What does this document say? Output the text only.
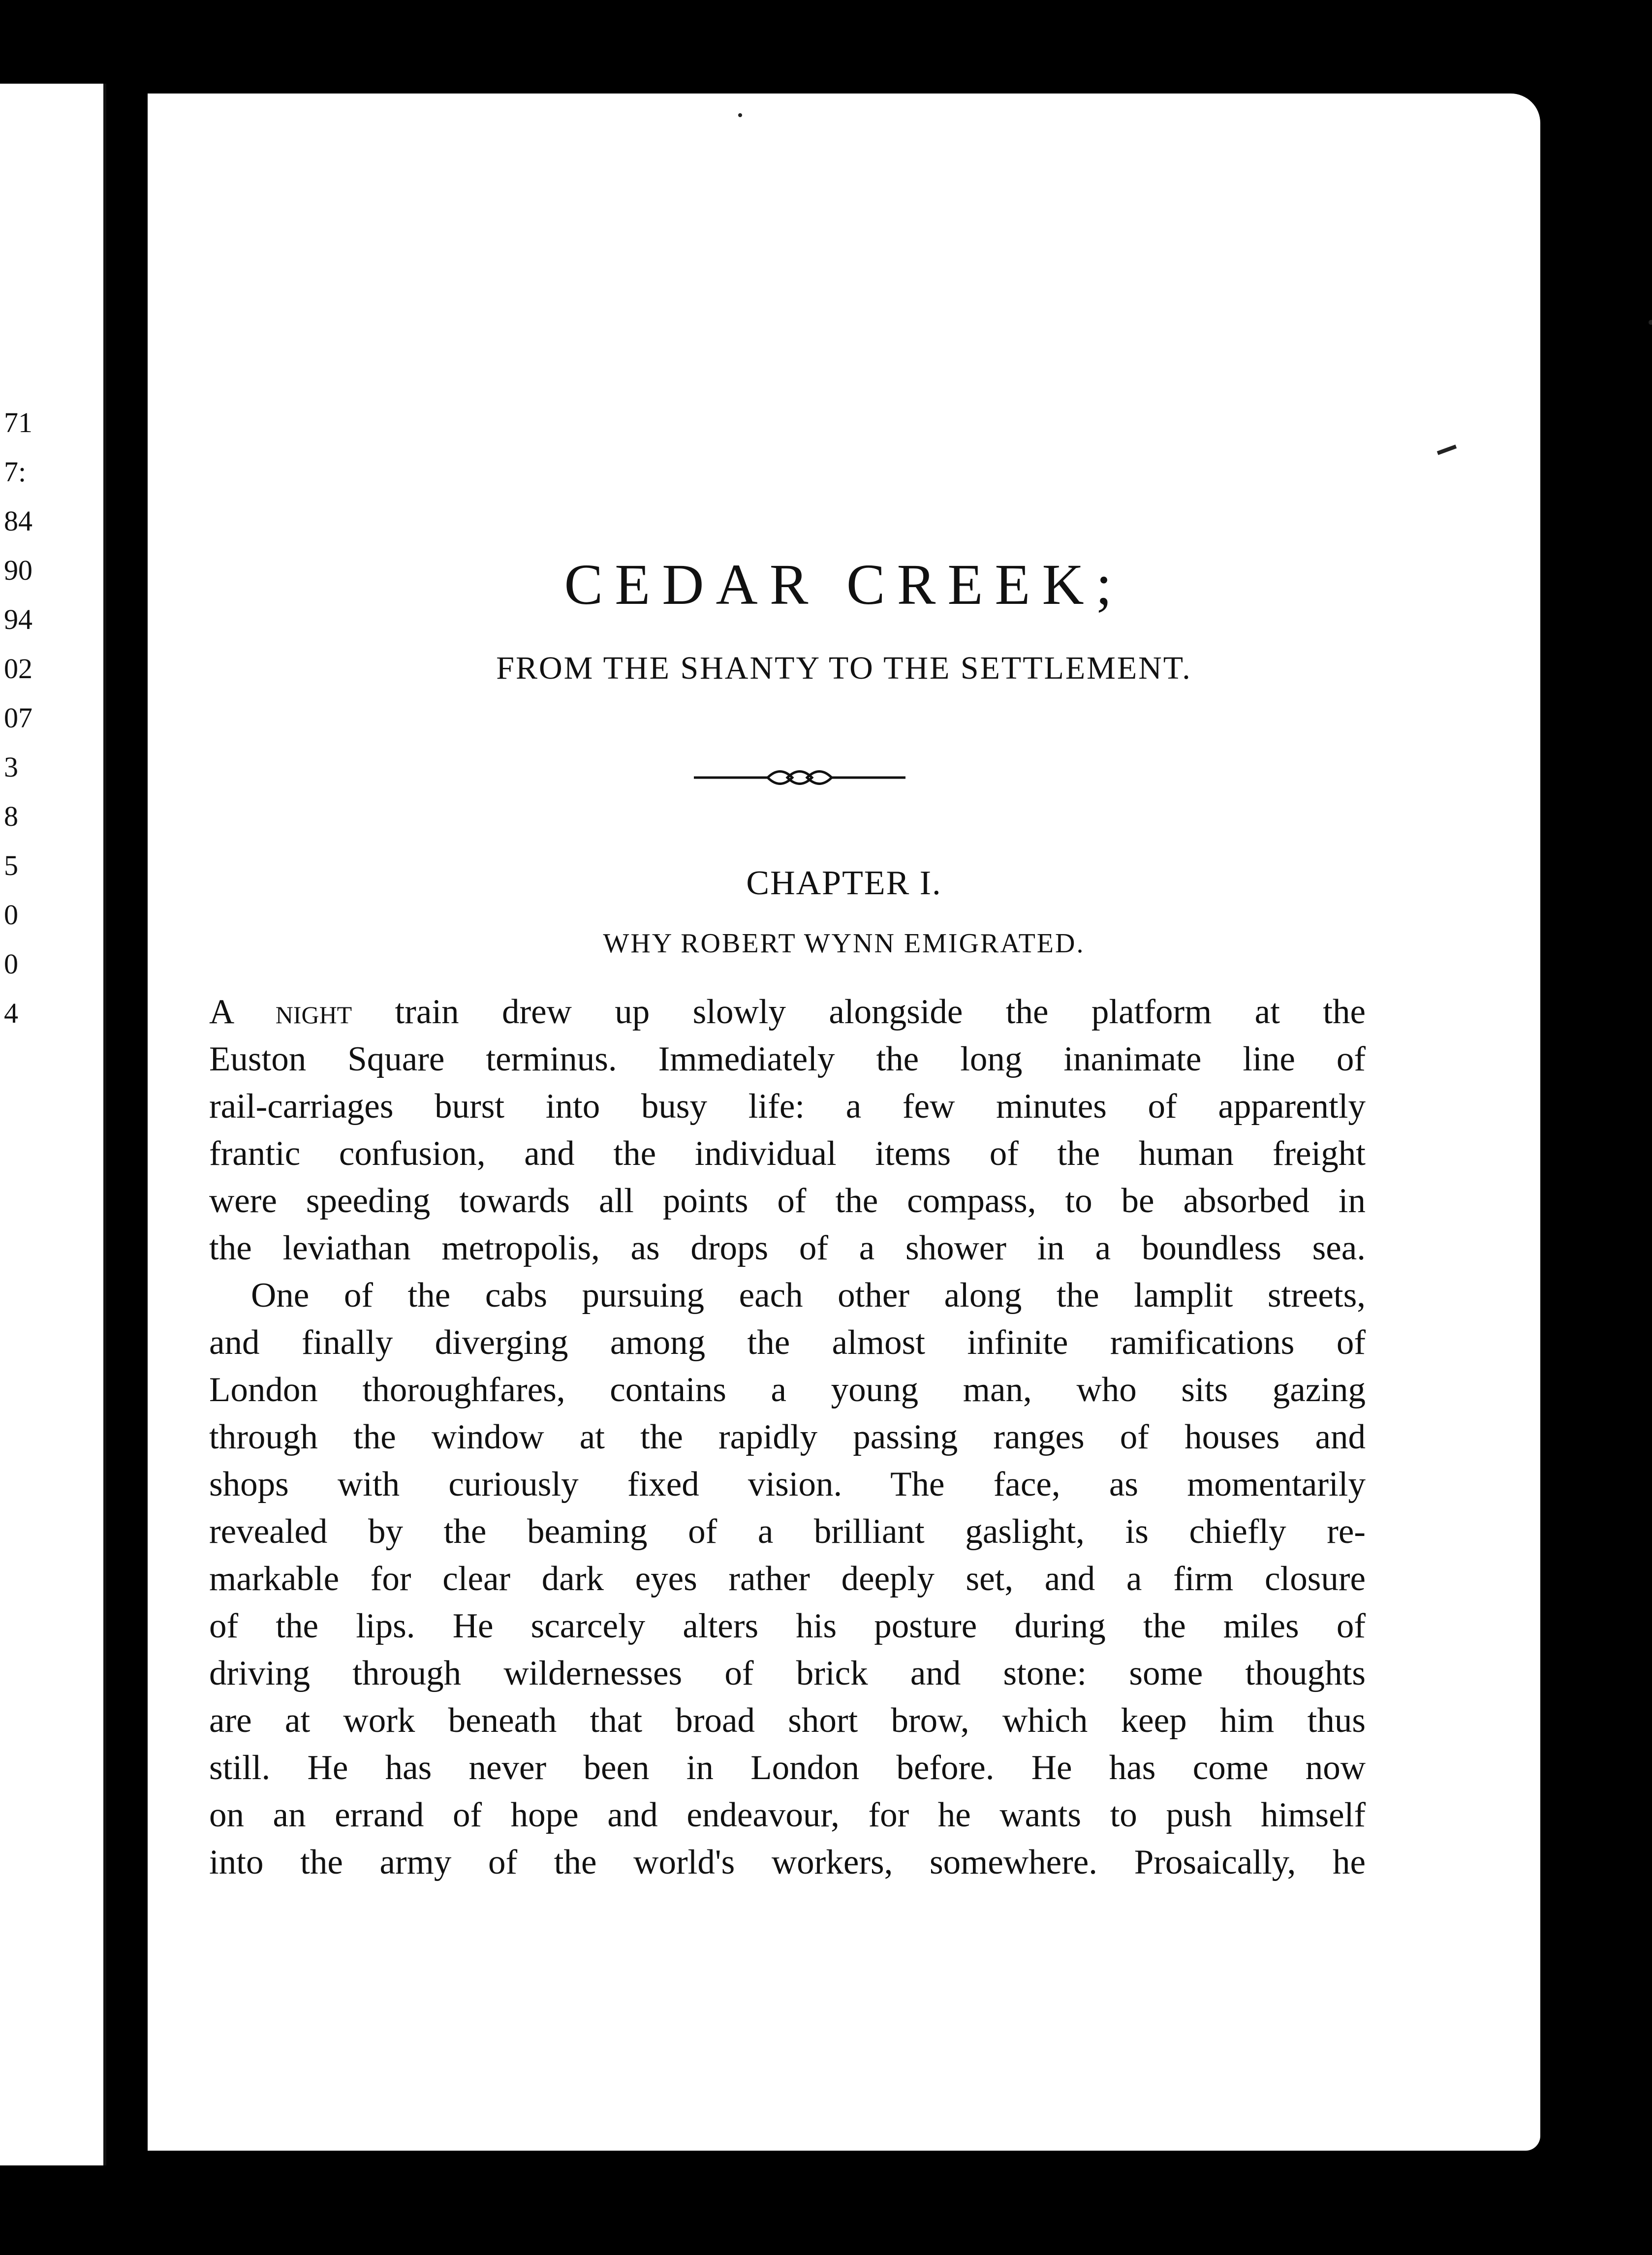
71
7:
84
90
94
02
07
3
8
5
0
0
4
CEDAR CREEK;
FROM THE SHANTY TO THE SETTLEMENT.
CHAPTER I.
WHY ROBERT WYNN EMIGRATED.

A night train drew up slowly alongside the platform at the
Euston Square terminus. Immediately the long inanimate line of
rail-carriages burst into busy life: a few minutes of apparently
frantic confusion, and the individual items of the human freight
were speeding towards all points of the compass, to be absorbed in
the leviathan metropolis, as drops of a shower in a boundless sea.

One of the cabs pursuing each other along the lamplit streets,
and finally diverging among the almost infinite ramifications of
London thoroughfares, contains a young man, who sits gazing
through the window at the rapidly passing ranges of houses and
shops with curiously fixed vision. The face, as momentarily
revealed by the beaming of a brilliant gaslight, is chiefly re-
markable for clear dark eyes rather deeply set, and a firm closure
of the lips. He scarcely alters his posture during the miles of
driving through wildernesses of brick and stone: some thoughts
are at work beneath that broad short brow, which keep him thus
still. He has never been in London before. He has come now
on an errand of hope and endeavour, for he wants to push himself
into the army of the world's workers, somewhere. Prosaically, he
